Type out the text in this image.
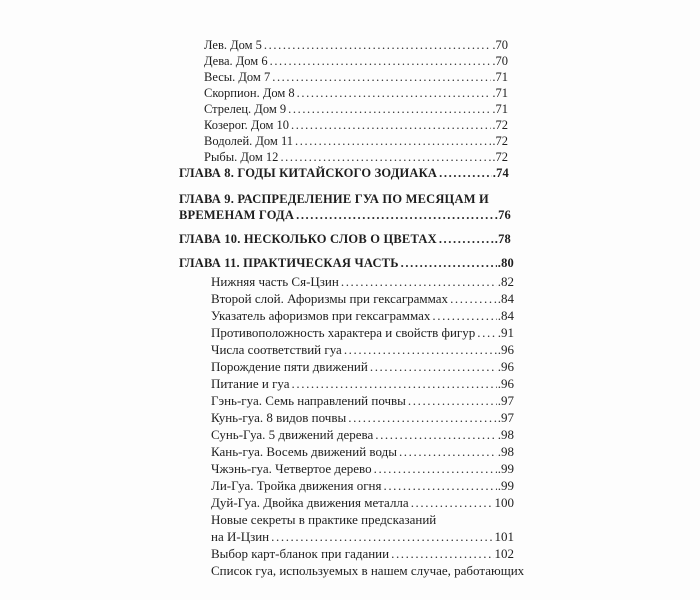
Лев. Дом 5 .....	.70
Дева. Дом 6 .....	.70
Весы. Дом 7 .....	.71
Скорпион. Дом 8 .....	.71
Стрелец. Дом 9 .....	.71
Козерог. Дом 10 .....	.72
Водолей. Дом 11 .....	.72
Рыбы. Дом 12 .....	.72
ГЛАВА 8. ГОДЫ КИТАЙСКОГО ЗОДИАКА .....	.74
ГЛАВА 9. РАСПРЕДЕЛЕНИЕ ГУА ПО МЕСЯЦАМ И
ВРЕМЕНАМ ГОДА .....	.76
ГЛАВА 10. НЕСКОЛЬКО СЛОВ О ЦВЕТАХ .....	.78
ГЛАВА 11. ПРАКТИЧЕСКАЯ ЧАСТЬ .....	.80
Нижняя часть Ся-Цзин .....	.82
Второй слой. Афоризмы при гексаграммах .....	.84
Указатель афоризмов при гексаграммах .....	.84
Противоположность характера и свойств фигур ..... .91
Числа соответствий гуа .....	.96
Порождение пяти движений .....	.96
Питание и гуа .....	.96
Гэнь-гуа. Семь направлений почвы .....	.97
Кунь-гуа. 8 видов почвы .....	.97
Сунь-Гуа. 5 движений дерева .....	.98
Кань-гуа. Восемь движений воды .....	.98
Чжэнь-гуа. Четвертое дерево .....	.99
Ли-Гуа. Тройка движения огня .....	.99
Дуй-Гуа. Двойка движения металла .....	100
Новые секреты в практике предсказаний
на И-Цзин .....	101
Выбор карт-бланок при гадании .....	102
Список гуа, используемых в нашем случае, работающих
